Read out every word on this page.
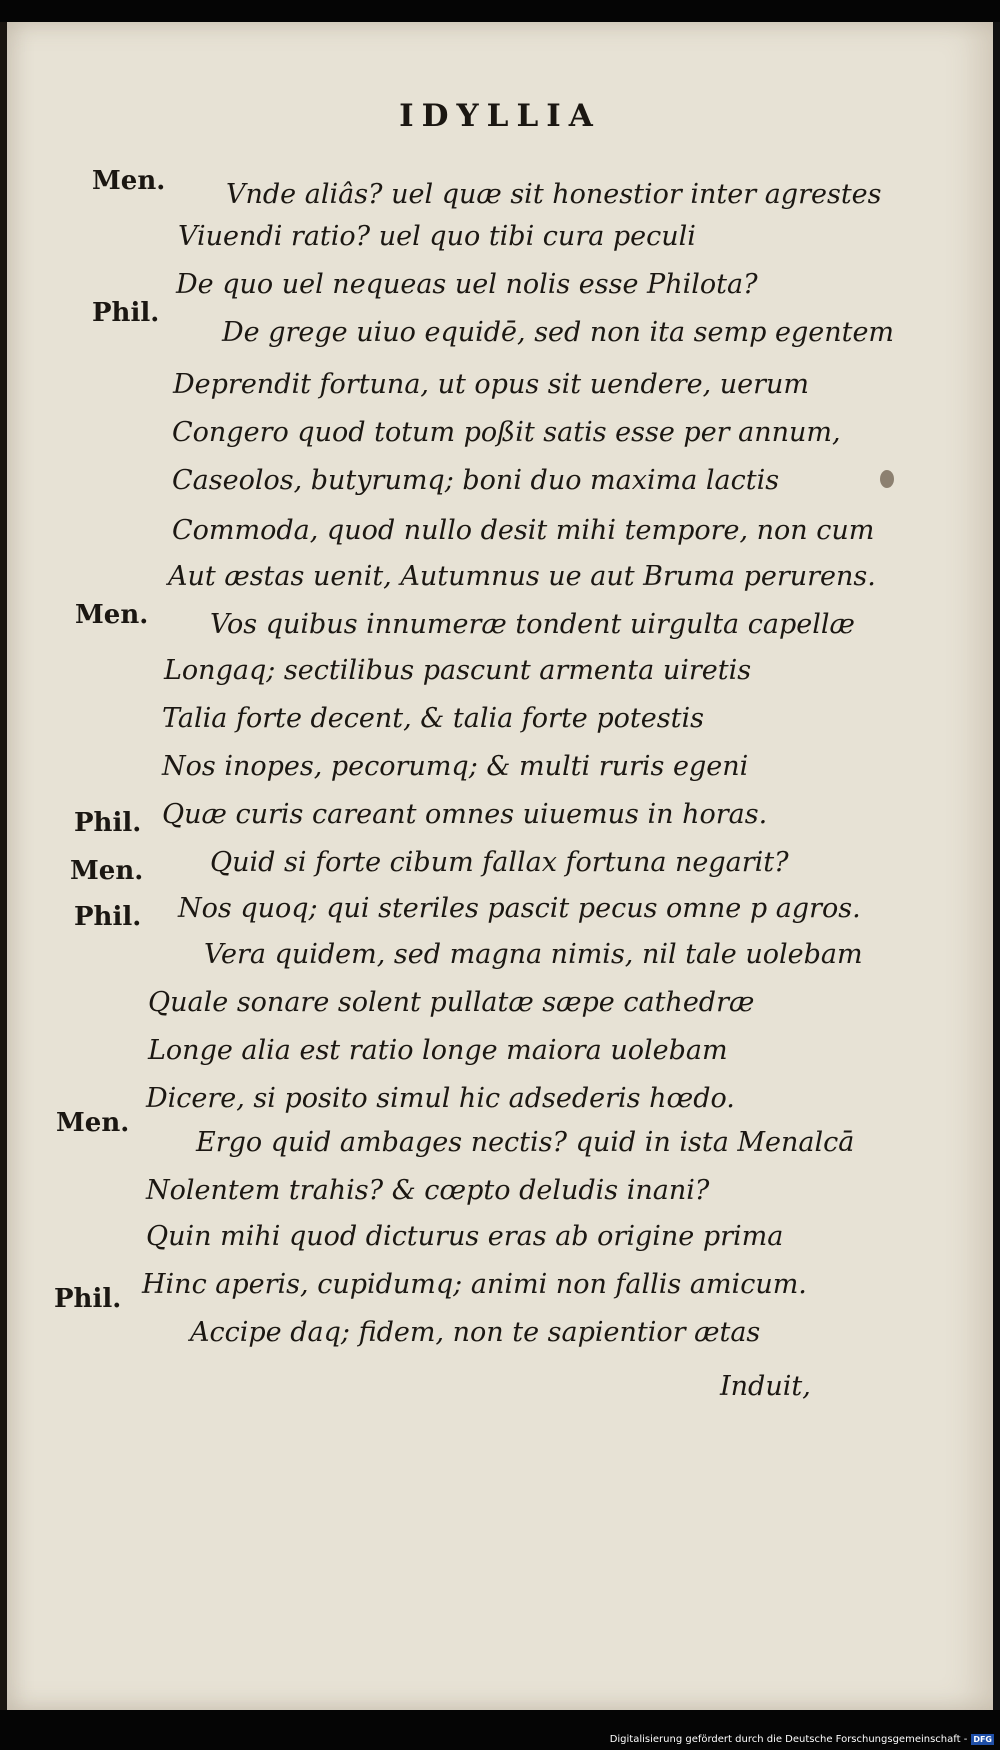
IDYLLIA
Men.
Phil.
Men.
Phil.
Men.
Phil.
Men.
Phil.
Vnde aliâs? uel quæ sit honestior inter agrestes
Viuendi ratio? uel quo tibi cura peculi
De quo uel nequeas uel nolis esse Philota?
De grege uiuo equidē, sed non ita semp egentem
Deprendit fortuna, ut opus sit uendere, uerum
Congero quod totum poßit satis esse per annum,
Caseolos, butyrumq; boni duo maxima lactis
Commoda, quod nullo desit mihi tempore, non cum
Aut æstas uenit, Autumnus ue aut Bruma perurens.
Vos quibus innumeræ tondent uirgulta capellæ
Longaq; sectilibus pascunt armenta uiretis
Talia forte decent, & talia forte potestis
Nos inopes, pecorumq; & multi ruris egeni
Quæ curis careant omnes uiuemus in horas.
Quid si forte cibum fallax fortuna negarit?
Nos quoq; qui steriles pascit pecus omne p agros.
Vera quidem, sed magna nimis, nil tale uolebam
Quale sonare solent pullatæ sæpe cathedræ
Longe alia est ratio longe maiora uolebam
Dicere, si posito simul hic adsederis hœdo.
Ergo quid ambages nectis? quid in ista Menalcā
Nolentem trahis? & cœpto deludis inani?
Quin mihi quod dicturus eras ab origine prima
Hinc aperis, cupidumq; animi non fallis amicum.
Accipe daq; fidem, non te sapientior ætas
Induit,
Digitalisierung gefördert durch die Deutsche Forschungsgemeinschaft - DFG
